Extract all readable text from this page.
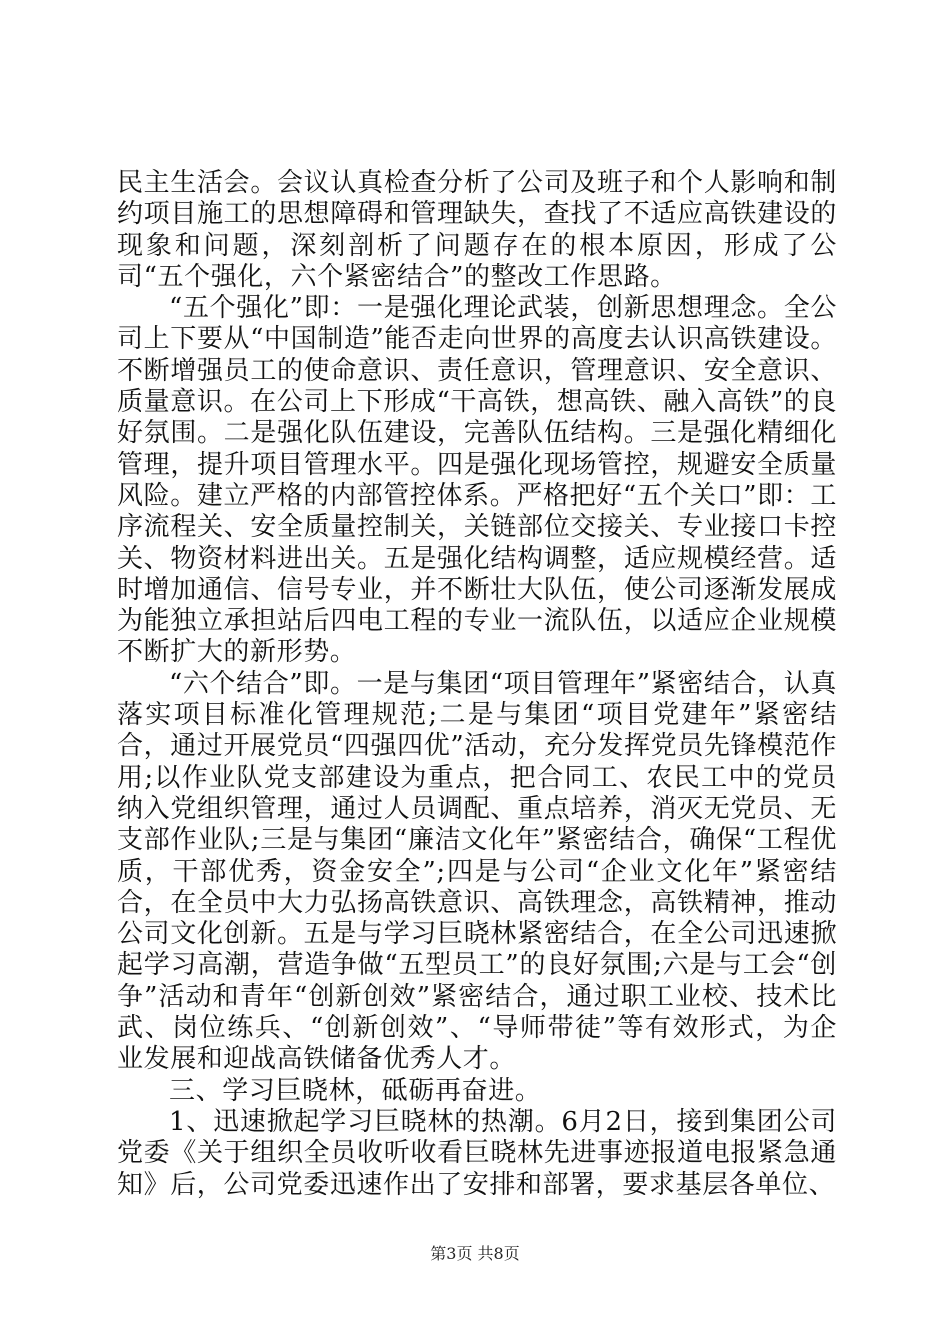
民主生活会。会议认真检查分析了公司及班子和个人影响和制约项目施工的思想障碍和管理缺失，查找了不适应高铁建设的现象和问题，深刻剖析了问题存在的根本原因，形成了公司“五个强化，六个紧密结合”的整改工作思路。

“五个强化”即：一是强化理论武装，创新思想理念。全公司上下要从“中国制造”能否走向世界的高度去认识高铁建设。不断增强员工的使命意识、责任意识，管理意识、安全意识、质量意识。在公司上下形成“干高铁，想高铁、融入高铁”的良好氛围。二是强化队伍建设，完善队伍结构。三是强化精细化管理，提升项目管理水平。四是强化现场管控，规避安全质量风险。建立严格的内部管控体系。严格把好“五个关口”即：工序流程关、安全质量控制关，关链部位交接关、专业接口卡控关、物资材料进出关。五是强化结构调整，适应规模经营。适时增加通信、信号专业，并不断壮大队伍，使公司逐渐发展成为能独立承担站后四电工程的专业一流队伍，以适应企业规模不断扩大的新形势。

“六个结合”即。一是与集团“项目管理年”紧密结合，认真落实项目标准化管理规范;二是与集团“项目党建年”紧密结合，通过开展党员“四强四优”活动，充分发挥党员先锋模范作用;以作业队党支部建设为重点，把合同工、农民工中的党员纳入党组织管理，通过人员调配、重点培养，消灭无党员、无支部作业队;三是与集团“廉洁文化年”紧密结合，确保“工程优质，干部优秀，资金安全”;四是与公司“企业文化年”紧密结合，在全员中大力弘扬高铁意识、高铁理念，高铁精神，推动公司文化创新。五是与学习巨晓林紧密结合，在全公司迅速掀起学习高潮，营造争做“五型员工”的良好氛围;六是与工会“创争”活动和青年“创新创效”紧密结合，通过职工业校、技术比武、岗位练兵、“创新创效”、“导师带徒”等有效形式，为企业发展和迎战高铁储备优秀人才。

三、学习巨晓林，砥砺再奋进。

1、迅速掀起学习巨晓林的热潮。6月2日，接到集团公司党委《关于组织全员收听收看巨晓林先进事迹报道电报紧急通知》后，公司党委迅速作出了安排和部署，要求基层各单位、

第3页 共8页
